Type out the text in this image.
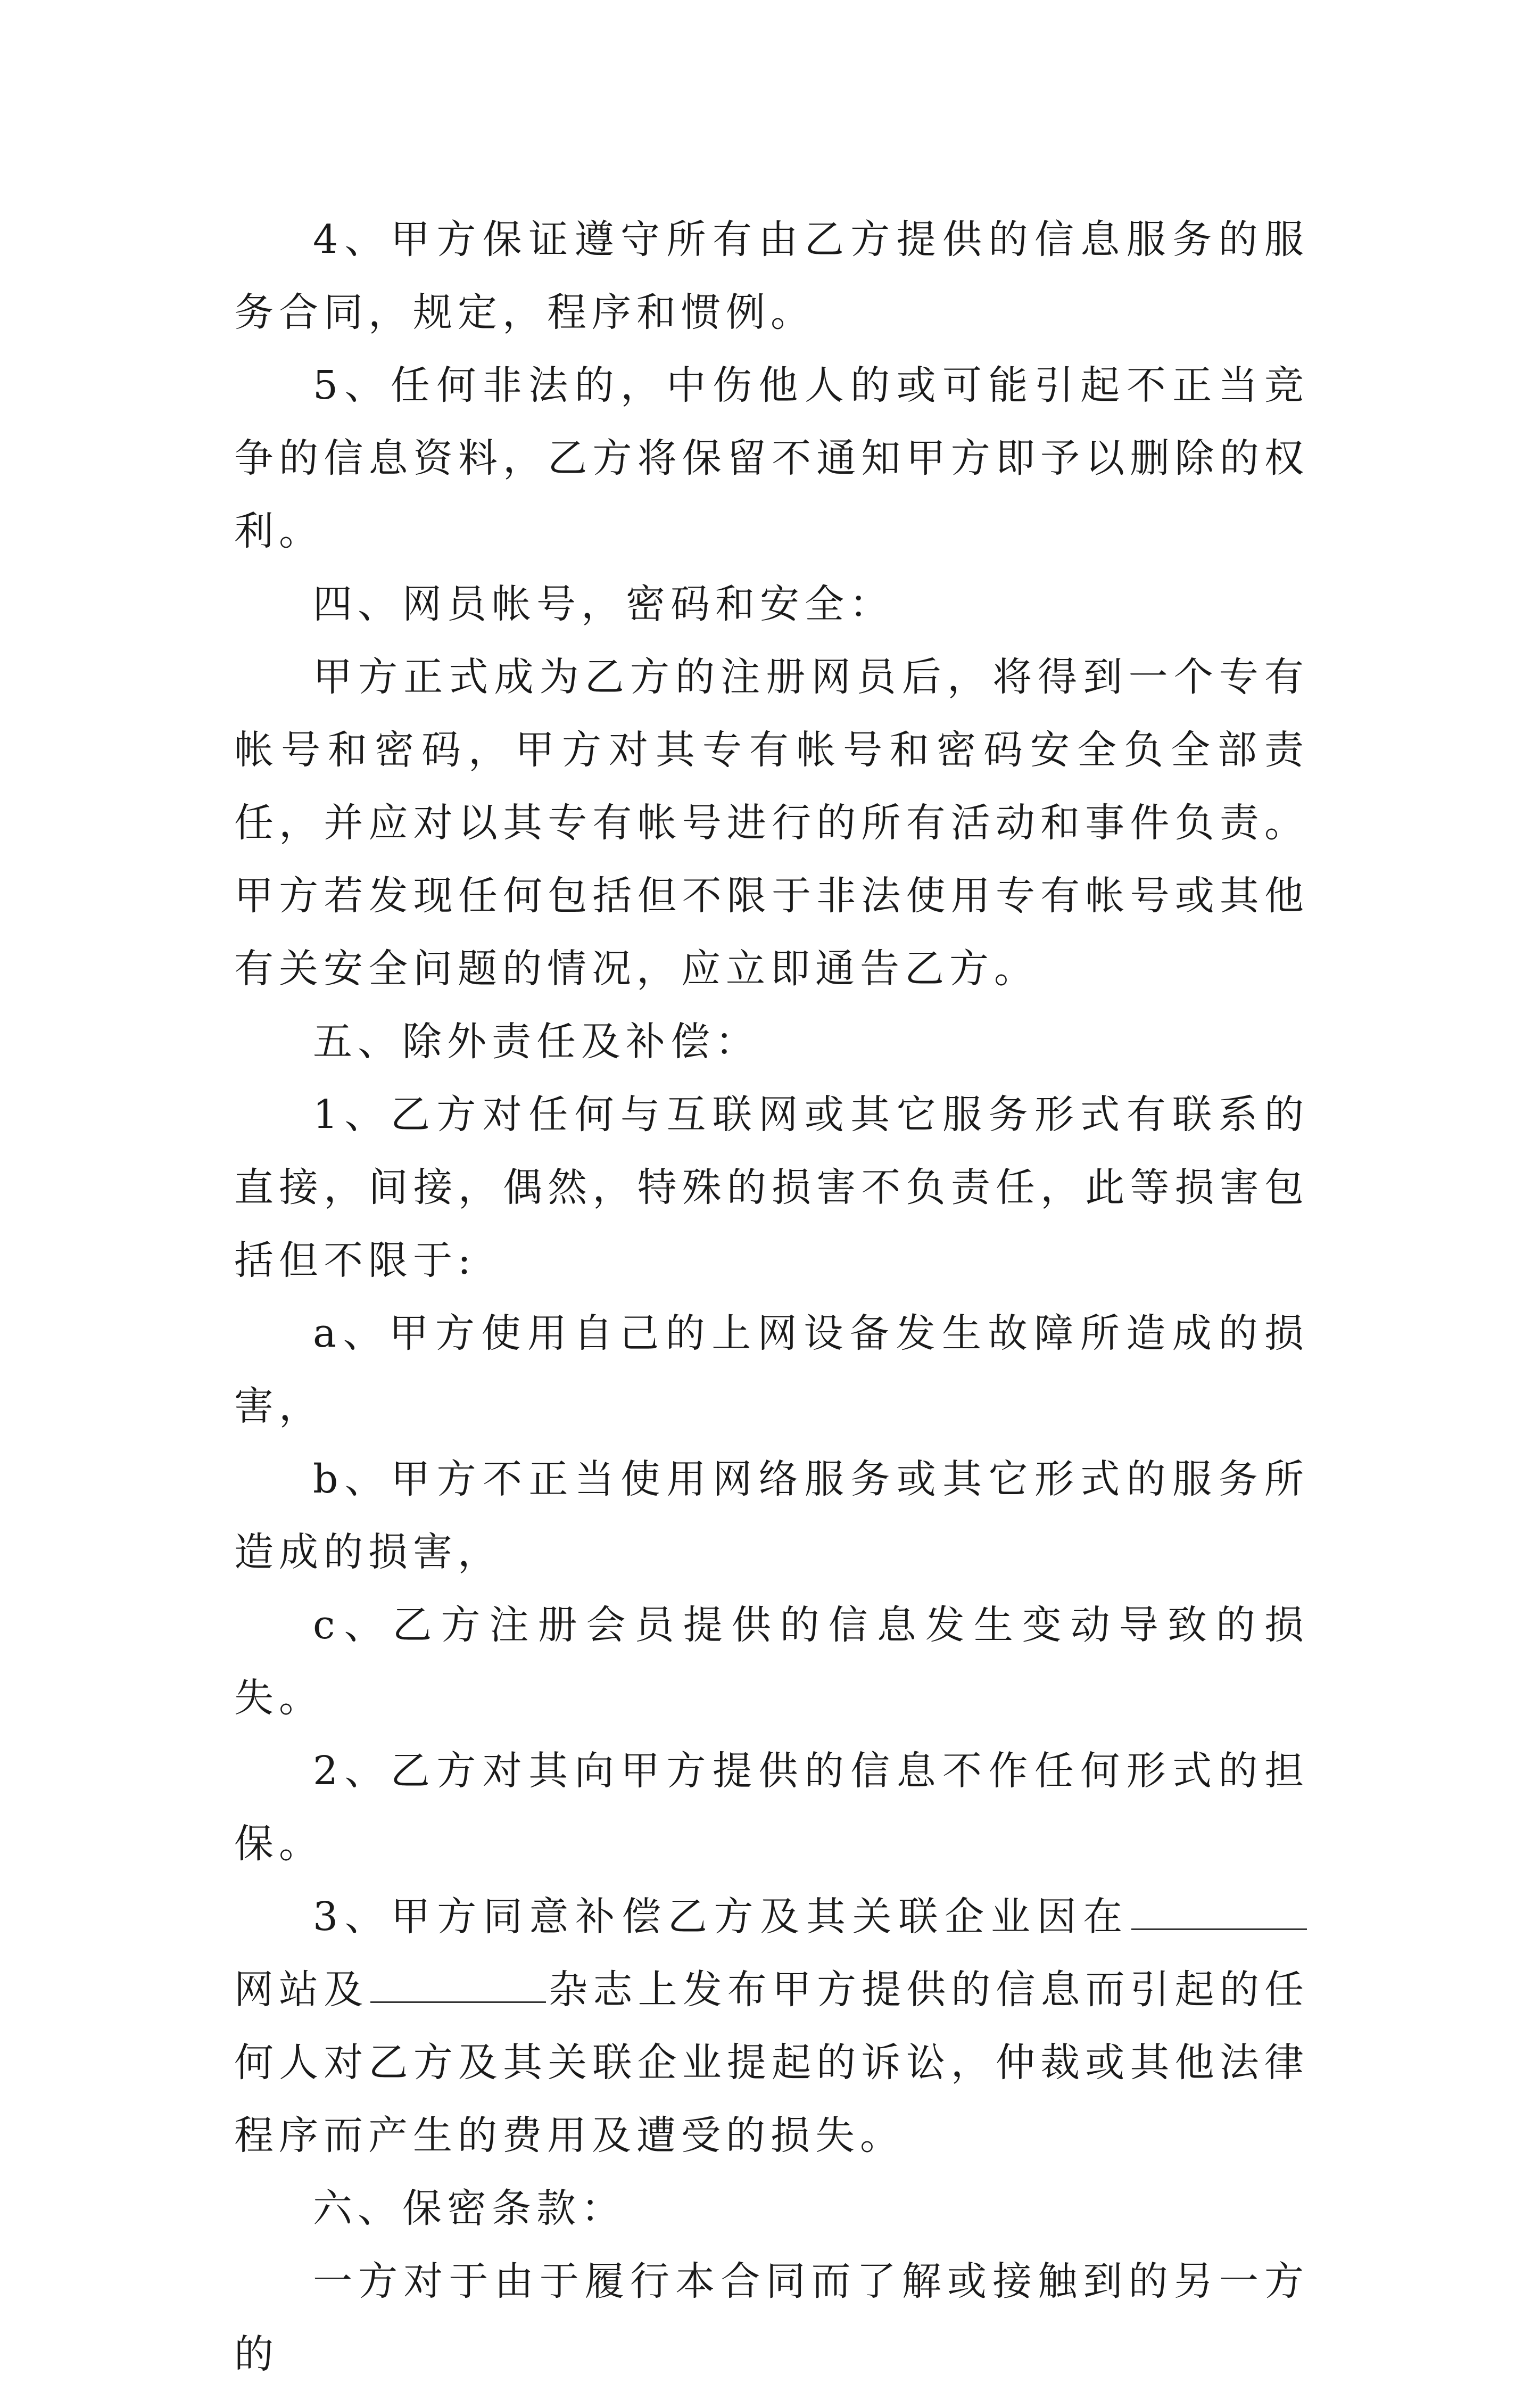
4、甲方保证遵守所有由乙方提供的信息服务的服务合同，规定，程序和惯例。

5、任何非法的，中伤他人的或可能引起不正当竞争的信息资料，乙方将保留不通知甲方即予以删除的权利。

四、网员帐号，密码和安全：

甲方正式成为乙方的注册网员后，将得到一个专有帐号和密码，甲方对其专有帐号和密码安全负全部责任，并应对以其专有帐号进行的所有活动和事件负责。甲方若发现任何包括但不限于非法使用专有帐号或其他有关安全问题的情况，应立即通告乙方。

五、除外责任及补偿：

1、乙方对任何与互联网或其它服务形式有联系的直接，间接，偶然，特殊的损害不负责任，此等损害包括但不限于:

a、甲方使用自己的上网设备发生故障所造成的损害，

b、甲方不正当使用网络服务或其它形式的服务所造成的损害，

c、乙方注册会员提供的信息发生变动导致的损失。

2、乙方对其向甲方提供的信息不作任何形式的担保。

3、甲方同意补偿乙方及其关联企业因在网站及	杂志上发布甲方提供的信息而引起的任何人对乙方及其关联企业提起的诉讼，仲裁或其他法律程序而产生的费用及遭受的损失。

六、保密条款：

一方对于由于履行本合同而了解或接触到的另一方的
